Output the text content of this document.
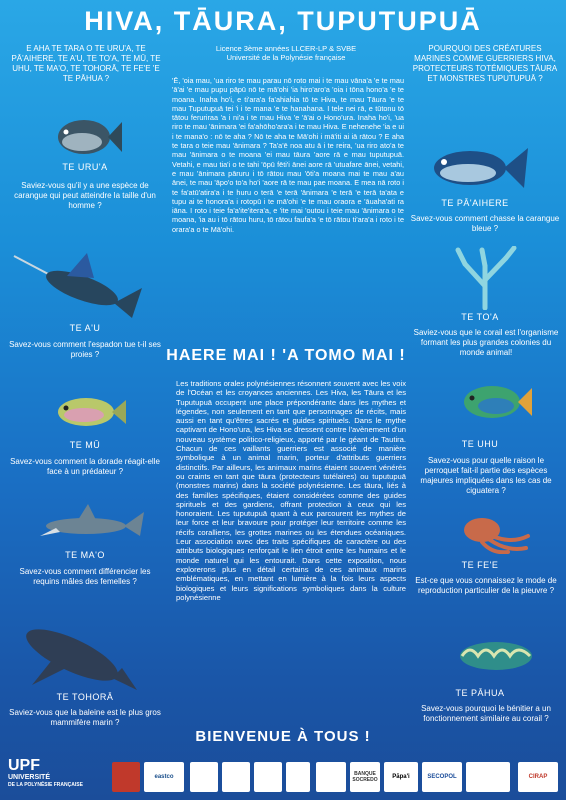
HIVA, TĀURA, TUPUTUPUĀ
E AHA TE TARA O TE URU'A, TE PĀ'AIHERE, TE A'U, TE TO'A, TE MŪ, TE UHU, TE MA'O, TE TOHORĀ, TE FE'E 'E TE PĀHUA ?
Licence 3ème années LLCER-LP & SVBE
Université de la Polynésie française
'Ē, 'oia mau, 'ua riro te mau parau nō roto mai i te mau vāna'a 'e te mau 'ā'ai 'e mau pupu pāpū nō te mā'ohi 'ia hiro'aro'a 'oia i tōna hono'a 'e te moana. Inaha ho'i, e ti'ara'a fa'ahiahia tō te Hiva, te mau Tāura 'e te mau Tuputupuā tei 'i i te mana 'e te hanahana. I tele nei rā, e tūtonu tō tātou feruriraa 'a i ni'a i te mau Hiva 'e 'ā'ai o Hono'ura. Inaha ho'i, 'ua riro te mau 'ānimara 'ei fa'ahōho'ara'a i te mau Hiva. E nehenehe 'ia e ui i te mana'o : nō te aha ? Nō te aha te Mā'ohi i mā'iti ai iā rātou ? E aha te tara o teie mau 'ānimara ? Ta'a'ē noa atu ā i te reira, 'ua riro ato'a te mau 'ānimara o te moana 'ei mau tāura 'aore rā e mau tuputupuā. Vetahi, e mau tia'i o te tahi 'ōpū fēti'i ānei aore rā 'utuafare ānei, vetahi, e mau 'ānimara pāruru i tō rātou mau 'ōti'a moana mai te mau a'au ānei, te mau 'āpo'o to'a ho'i 'aore rā te mau pae moana. E mea nā roto i te fa'atū'atira'a i te huru o terā 'e terā 'ānimara 'e terā 'e terā ta'ata e tupu ai te honora'a i rotopū i te mā'ohi 'e te mau oraora e 'āuaha'ati ra iāna. I roto i teie fa'a'ite'itera'a, e 'ite mai 'outou i teie mau 'ānimara o te moana, 'ia au i tō rātou huru, tō rātou faufa'a 'e tō rātou ti'ara'a i roto i te orara'a o te Mā'ohi.
POURQUOI DES CRÉATURES MARINES COMME GUERRIERS HIVA, PROTECTEURS TOTÉMIQUES TĀURA ET MONSTRES TUPUTUPUĀ ?
TE URU'A
Saviez-vous qu'il y a une espèce de carangue qui peut atteindre la taille d'un homme ?
TE A'U
Savez-vous comment l'espadon tue t-il ses proies ?
TE MŪ
Savez-vous comment la dorade réagit-elle face à un prédateur ?
TE MA'O
Savez-vous comment différencier les requins mâles des femelles ?
TE TOHORĀ
Saviez-vous que la baleine est le plus gros mammifère marin ?
TE PĀ'AIHERE
Savez-vous comment chasse la carangue bleue ?
TE TO'A
Saviez-vous que le corail est l'organisme formant les plus grandes colonies du monde animal!
TE UHU
Savez-vous pour quelle raison le perroquet fait-il partie des espèces majeures impliquées dans les cas de ciguatera ?
TE FE'E
Est-ce que vous connaissez le mode de reproduction particulier de la pieuvre ?
TE PĀHUA
Savez-vous pourquoi le bénitier a un fonctionnement similaire au corail ?
HAERE MAI ! 'A TOMO MAI !
Les traditions orales polynésiennes résonnent souvent avec les voix de l'Océan et les croyances anciennes. Les Hiva, les Tāura et les Tuputupuā occupent une place prépondérante dans les mythes et légendes, non seulement en tant que personnages de récits, mais aussi en tant qu'êtres sacrés et guides spirituels. Dans le mythe captivant de Hono'ura, les Hiva se dressent contre l'avènement d'un nouveau système politico-religieux, apporté par le géant de Tautira. Chacun de ces vaillants guerriers est associé de manière symbolique à un animal marin, porteur d'attributs guerriers distinctifs. Par ailleurs, les animaux marins étaient souvent vénérés ou craints en tant que tāura (protecteurs tutélaires) ou tuputupuā (monstres marins) dans la société polynésienne. Les tāura, liés à des familles spécifiques, étaient considérées comme des guides spirituels et des gardiens, offrant protection à ceux qui les honoraient. Les tuputupuā quant à eux parcourent les mythes de leur force et leur bravoure pour protéger leur territoire comme les récifs coralliens, les grottes marines ou les étendues océaniques. Leur association avec des traits spécifiques de caractère ou des attributs biologiques renforçait le lien étroit entre les humains et le monde naturel qui les entourait. Dans cette exposition, nous explorerons plus en détail certains de ces animaux marins emblématiques, en mettant en lumière à la fois leurs aspects biologiques et leurs significations symboliques dans la culture polynésienne
BIENVENUE À TOUS !
UPF
UNIVERSITÉ
DE LA POLYNÉSIE FRANÇAISE
eastco	BANQUE SOCREDO	Pāpa'i	SECOPOL	CIRAP
